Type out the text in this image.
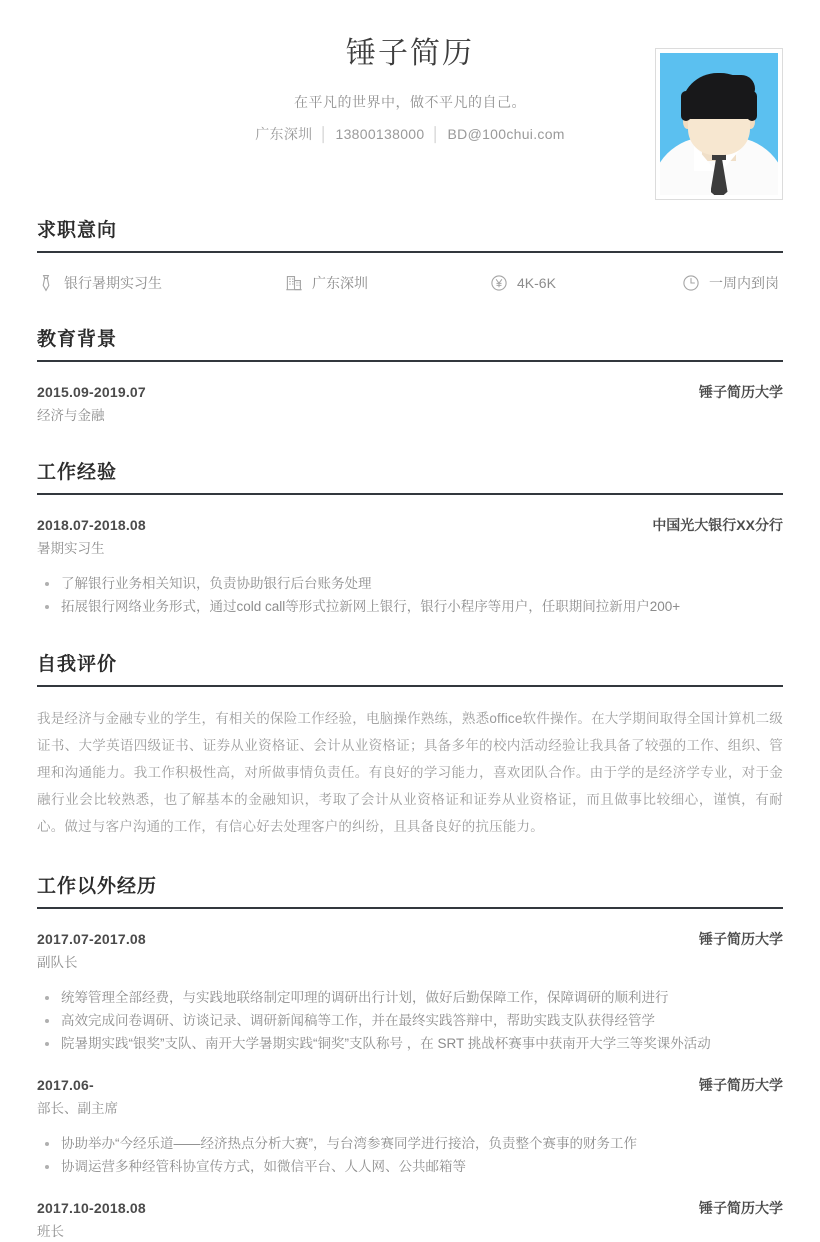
锤子简历
在平凡的世界中，做不平凡的自己。
广东深圳 │ 13800138000 │ BD@100chui.com
求职意向
银行暑期实习生	广东深圳	4K-6K	一周内到岗
教育背景
2015.09-2019.07	锤子简历大学
经济与金融
工作经验
2018.07-2018.08	中国光大银行XX分行
暑期实习生
了解银行业务相关知识，负责协助银行后台账务处理
拓展银行网络业务形式，通过cold call等形式拉新网上银行，银行小程序等用户，任职期间拉新用户200+
自我评价

我是经济与金融专业的学生，有相关的保险工作经验，电脑操作熟练，熟悉office软件操作。在大学期间取得全国计算机二级证书、大学英语四级证书、证券从业资格证、会计从业资格证；具备多年的校内活动经验让我具备了较强的工作、组织、管理和沟通能力。我工作积极性高，对所做事情负责任。有良好的学习能力，喜欢团队合作。由于学的是经济学专业，对于金融行业会比较熟悉，也了解基本的金融知识，考取了会计从业资格证和证券从业资格证，而且做事比较细心，谨慎，有耐心。做过与客户沟通的工作，有信心好去处理客户的纠纷，且具备良好的抗压能力。

工作以外经历
2017.07-2017.08	锤子简历大学
副队长
统筹管理全部经费，与实践地联络制定叩理的调研出行计划，做好后勤保障工作，保障调研的顺利进行
高效完成问卷调研、访谈记录、调研新闻稿等工作，并在最终实践答辩中，帮助实践支队获得经管学
院暑期实践“银奖”支队、南开大学暑期实践“铜奖”支队称号 ，在 SRT 挑战杯赛事中获南开大学三等奖课外活动
2017.06-	锤子简历大学
部长、副主席
协助举办“今经乐道——经济热点分析大赛”，与台湾参赛同学进行接洽，负责整个赛事的财务工作
协调运营多种经管科协宣传方式，如微信平台、人人网、公共邮箱等
2017.10-2018.08	锤子简历大学
班长
